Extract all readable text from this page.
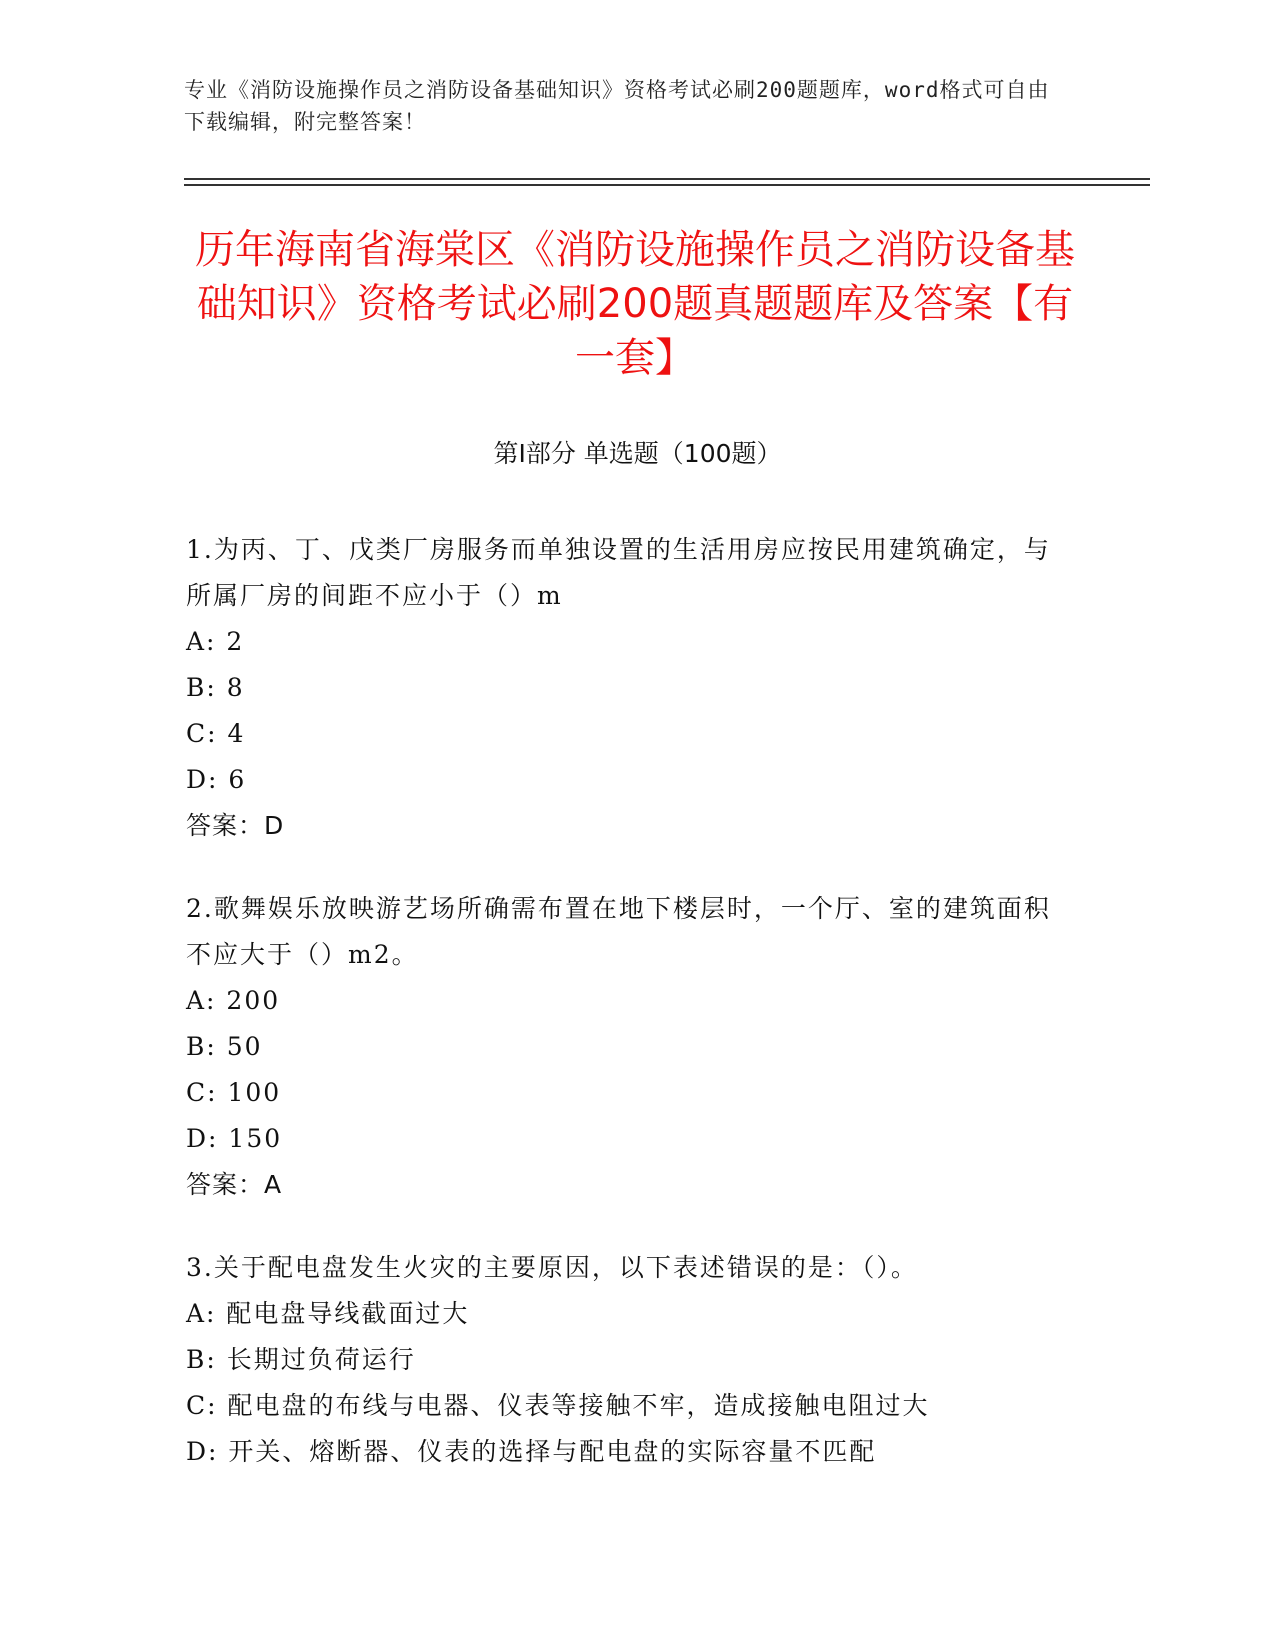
专业《消防设施操作员之消防设备基础知识》资格考试必刷200题题库，word格式可自由下载编辑，附完整答案！
历年海南省海棠区《消防设施操作员之消防设备基础知识》资格考试必刷200题真题题库及答案【有一套】
第I部分 单选题（100题）
1.为丙、丁、戊类厂房服务而单独设置的生活用房应按民用建筑确定，与所属厂房的间距不应小于（）m
A: 2
B: 8
C: 4
D: 6
答案：D
2.歌舞娱乐放映游艺场所确需布置在地下楼层时，一个厅、室的建筑面积不应大于（）m2。
A: 200
B: 50
C: 100
D: 150
答案：A
3.关于配电盘发生火灾的主要原因，以下表述错误的是：（）。
A: 配电盘导线截面过大
B: 长期过负荷运行
C: 配电盘的布线与电器、仪表等接触不牢，造成接触电阻过大
D: 开关、熔断器、仪表的选择与配电盘的实际容量不匹配
